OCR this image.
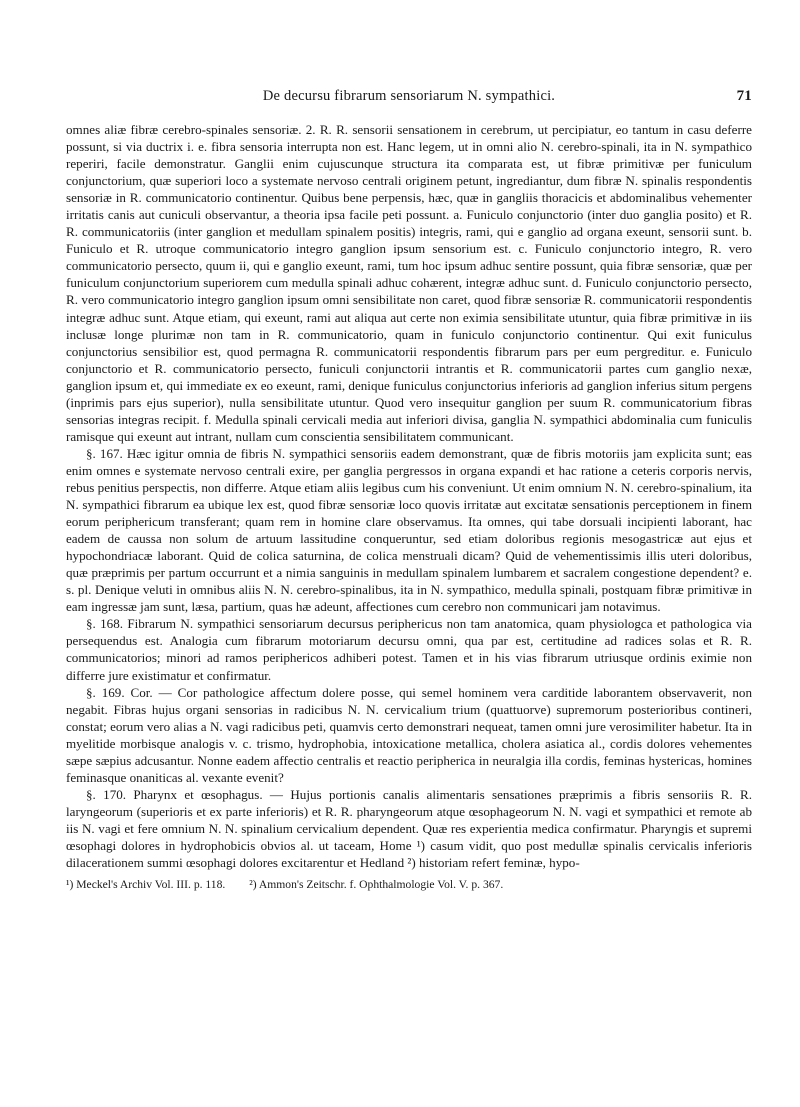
De decursu fibrarum sensoriarum N. sympathici.	71

omnes aliæ fibræ cerebro-spinales sensoriæ. 2. R. R. sensorii sensationem in cerebrum, ut percipiatur, eo tantum in casu deferre possunt, si via ductrix i. e. fibra sensoria interrupta non est. Hanc legem, ut in omni alio N. cerebro-spinali, ita in N. sympathico reperiri, facile demonstratur. Ganglii enim cujuscunque structura ita comparata est, ut fibræ primitivæ per funiculum conjunctorium, quæ superiori loco a systemate nervoso centrali originem petunt, ingrediantur, dum fibræ N. spinalis respondentis sensoriæ in R. communicatorio continentur. Quibus bene perpensis, hæc, quæ in gangliis thoracicis et abdominalibus vehementer irritatis canis aut cuniculi observantur, a theoria ipsa facile peti possunt. a. Funiculo conjunctorio (inter duo ganglia posito) et R. R. communicatoriis (inter ganglion et medullam spinalem positis) integris, rami, qui e ganglio ad organa exeunt, sensorii sunt. b. Funiculo et R. utroque communicatorio integro ganglion ipsum sensorium est. c. Funiculo conjunctorio integro, R. vero communicatorio persecto, quum ii, qui e ganglio exeunt, rami, tum hoc ipsum adhuc sentire possunt, quia fibræ sensoriæ, quæ per funiculum conjunctorium superiorem cum medulla spinali adhuc cohærent, integræ adhuc sunt. d. Funiculo conjunctorio persecto, R. vero communicatorio integro ganglion ipsum omni sensibilitate non caret, quod fibræ sensoriæ R. communicatorii respondentis integræ adhuc sunt. Atque etiam, qui exeunt, rami aut aliqua aut certe non eximia sensibilitate utuntur, quia fibræ primitivæ in iis inclusæ longe plurimæ non tam in R. communicatorio, quam in funiculo conjunctorio continentur. Qui exit funiculus conjunctorius sensibilior est, quod permagna R. communicatorii respondentis fibrarum pars per eum pergreditur. e. Funiculo conjunctorio et R. communicatorio persecto, funiculi conjunctorii intrantis et R. communicatorii partes cum ganglio nexæ, ganglion ipsum et, qui immediate ex eo exeunt, rami, denique funiculus conjunctorius inferioris ad ganglion inferius situm pergens (inprimis pars ejus superior), nulla sensibilitate utuntur. Quod vero insequitur ganglion per suum R. communicatorium fibras sensorias integras recipit. f. Medulla spinali cervicali media aut inferiori divisa, ganglia N. sympathici abdominalia cum funiculis ramisque qui exeunt aut intrant, nullam cum conscientia sensibilitatem communicant.

§. 167. Hæc igitur omnia de fibris N. sympathici sensoriis eadem demonstrant, quæ de fibris motoriis jam explicita sunt; eas enim omnes e systemate nervoso centrali exire, per ganglia pergressos in organa expandi et hac ratione a ceteris corporis nervis, rebus penitius perspectis, non differre. Atque etiam aliis legibus cum his conveniunt. Ut enim omnium N. N. cerebro-spinalium, ita N. sympathici fibrarum ea ubique lex est, quod fibræ sensoriæ loco quovis irritatæ aut excitatæ sensationis perceptionem in finem eorum periphericum transferant; quam rem in homine clare observamus. Ita omnes, qui tabe dorsuali incipienti laborant, hac eadem de caussa non solum de artuum lassitudine conqueruntur, sed etiam doloribus regionis mesogastricæ aut ejus et hypochondriacæ laborant. Quid de colica saturnina, de colica menstruali dicam? Quid de vehementissimis illis uteri doloribus, quæ præprimis per partum occurrunt et a nimia sanguinis in medullam spinalem lumbarem et sacralem congestione dependent? e. s. pl. Denique veluti in omnibus aliis N. N. cerebro-spinalibus, ita in N. sympathico, medulla spinali, postquam fibræ primitivæ in eam ingressæ jam sunt, læsa, partium, quas hæ adeunt, affectiones cum cerebro non communicari jam notavimus.

§. 168. Fibrarum N. sympathici sensoriarum decursus periphericus non tam anatomica, quam physiologca et pathologica via persequendus est. Analogia cum fibrarum motoriarum decursu omni, qua par est, certitudine ad radices solas et R. R. communicatorios; minori ad ramos periphericos adhiberi potest. Tamen et in his vias fibrarum utriusque ordinis eximie non differre jure existimatur et confirmatur.

§. 169. Cor. — Cor pathologice affectum dolere posse, qui semel hominem vera carditide laborantem observaverit, non negabit. Fibras hujus organi sensorias in radicibus N. N. cervicalium trium (quattuorve) supremorum posterioribus contineri, constat; eorum vero alias a N. vagi radicibus peti, quamvis certo demonstrari nequeat, tamen omni jure verosimiliter habetur. Ita in myelitide morbisque analogis v. c. trismo, hydrophobia, intoxicatione metallica, cholera asiatica al., cordis dolores vehementes sæpe sæpius adcusantur. Nonne eadem affectio centralis et reactio peripherica in neuralgia illa cordis, feminas hystericas, homines feminasque onaniticas al. vexante evenit?

§. 170. Pharynx et œsophagus. — Hujus portionis canalis alimentaris sensationes præprimis a fibris sensoriis R. R. laryngeorum (superioris et ex parte inferioris) et R. R. pharyngeorum atque œsophageorum N. N. vagi et sympathici et remote ab iis N. vagi et fere omnium N. N. spinalium cervicalium dependent. Quæ res experientia medica confirmatur. Pharyngis et supremi œsophagi dolores in hydrophobicis obvios al. ut taceam, Home ¹) casum vidit, quo post medullæ spinalis cervicalis inferioris dilacerationem summi œsophagi dolores excitarentur et Hedland ²) historiam refert feminæ, hypo-

¹) Meckel's Archiv Vol. III. p. 118. ²) Ammon's Zeitschr. f. Ophthalmologie Vol. V. p. 367.
